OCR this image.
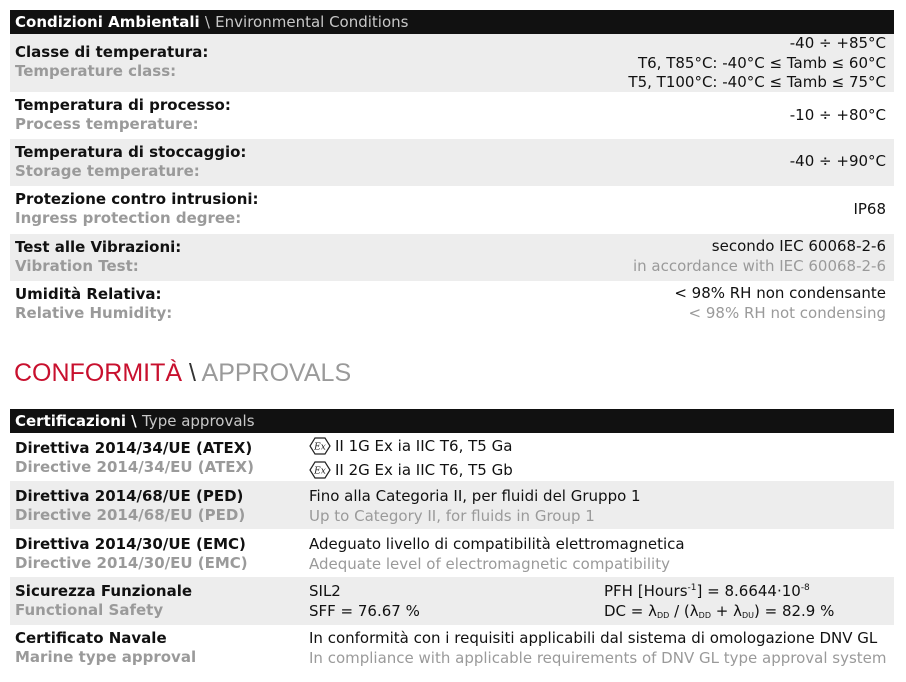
Condizioni Ambientali \ Environmental Conditions
Classe di temperatura:
Temperature class:
-40 ÷ +85°C
T6, T85°C: -40°C ≤ Tamb ≤ 60°C
T5, T100°C: -40°C ≤ Tamb ≤ 75°C
Temperatura di processo:
Process temperature:	-10 ÷ +80°C
Temperatura di stoccaggio:
Storage temperature:
-40 ÷ +90°C
Protezione contro intrusioni:
Ingress protection degree:	IP68
Test alle Vibrazioni:
Vibration Test:
secondo IEC 60068-2-6
in accordance with IEC 60068-2-6
Umidità Relativa:
Relative Humidity:
< 98% RH non condensante
< 98% RH not condensing
CONFORMITÀ \ APPROVALS
Certificazioni \ Type approvals
Direttiva 2014/34/UE (ATEX)
Directive 2014/34/EU (ATEX)
Ex II 1G Ex ia IIC T6, T5 Ga
Ex II 2G Ex ia IIC T6, T5 Gb
Direttiva 2014/68/UE (PED)
Directive 2014/68/EU (PED)
Fino alla Categoria II, per fluidi del Gruppo 1
Up to Category II, for fluids in Group 1
Direttiva 2014/30/UE (EMC)
Directive 2014/30/EU (EMC)
Adeguato livello di compatibilità elettromagnetica
Adequate level of electromagnetic compatibility
Sicurezza Funzionale
Functional Safety
SIL2
SFF = 76.67 %
PFH [Hours$^{-1}$] = $8.6644\cdot 10^{-8}$
DC = $\lambda_{DD} / (\lambda_{DD} + \lambda_{DU}) = 82.9$ %
Certificato Navale
Marine type approval
In conformità con i requisiti applicabili dal sistema di omologazione DNV GL
In compliance with applicable requirements of DNV GL type approval system
